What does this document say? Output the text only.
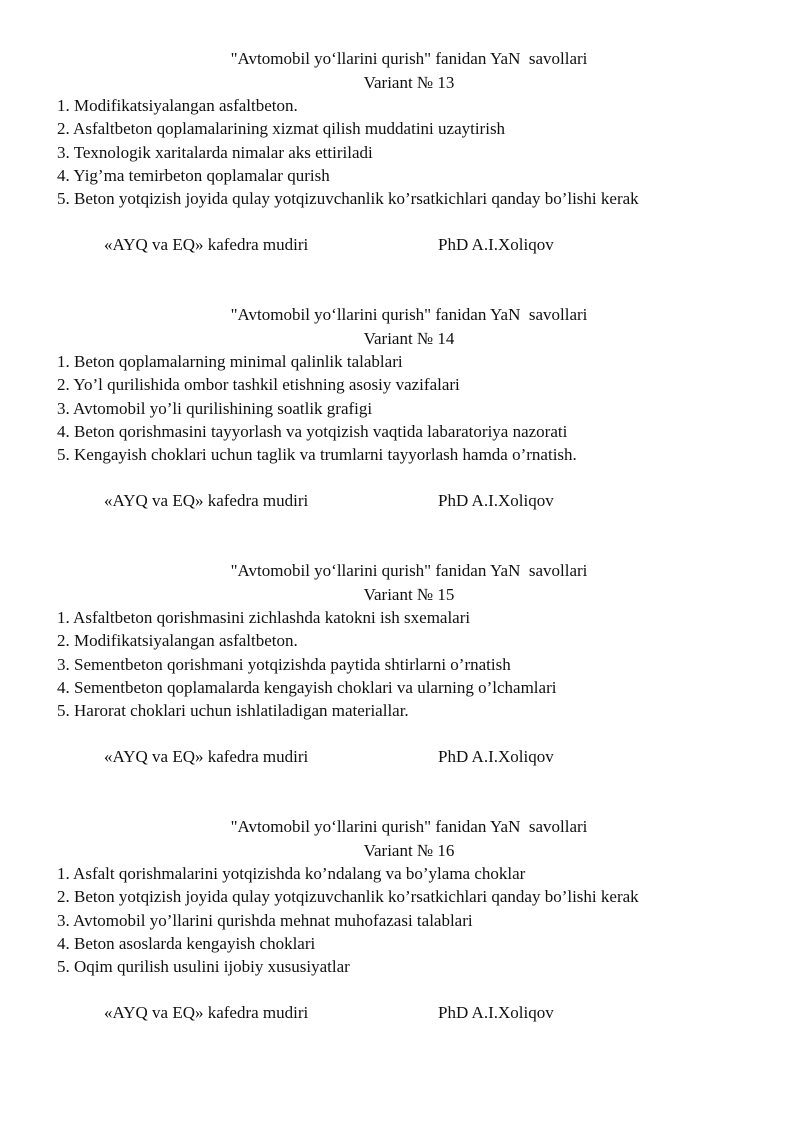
"Avtomobil yo‘llarini qurish" fanidan YaN  savollari
Variant № 13
1. Modifikatsiyalangan asfaltbeton.
2. Asfaltbeton qoplamalarining xizmat qilish muddatini uzaytirish
3. Texnologik xaritalarda nimalar aks ettiriladi
4. Yig’ma temirbeton qoplamalar qurish
5. Beton yotqizish joyida qulay yotqizuvchanlik ko’rsatkichlari qanday bo’lishi kerak
«AYQ va EQ» kafedra mudiri	PhD A.I.Xoliqov
"Avtomobil yo‘llarini qurish" fanidan YaN  savollari
Variant № 14
1. Beton qoplamalarning minimal qalinlik talablari
2. Yo’l qurilishida ombor tashkil etishning asosiy vazifalari
3. Avtomobil yo’li qurilishining soatlik grafigi
4. Beton qorishmasini tayyorlash va yotqizish vaqtida labaratoriya nazorati
5. Kengayish choklari uchun taglik va trumlarni tayyorlash hamda o’rnatish.
«AYQ va EQ» kafedra mudiri	PhD A.I.Xoliqov
"Avtomobil yo‘llarini qurish" fanidan YaN  savollari
Variant № 15
1. Asfaltbeton qorishmasini zichlashda katokni ish sxemalari
2. Modifikatsiyalangan asfaltbeton.
3. Sementbeton qorishmani yotqizishda paytida shtirlarni o’rnatish
4. Sementbeton qoplamalarda kengayish choklari va ularning o’lchamlari
5. Harorat choklari uchun ishlatiladigan materiallar.
«AYQ va EQ» kafedra mudiri	PhD A.I.Xoliqov
"Avtomobil yo‘llarini qurish" fanidan YaN  savollari
Variant № 16
1. Asfalt qorishmalarini yotqizishda ko’ndalang va bo’ylama choklar
2. Beton yotqizish joyida qulay yotqizuvchanlik ko’rsatkichlari qanday bo’lishi kerak
3. Avtomobil yo’llarini qurishda mehnat muhofazasi talablari
4. Beton asoslarda kengayish choklari
5. Oqim qurilish usulini ijobiy xususiyatlar
«AYQ va EQ» kafedra mudiri	PhD A.I.Xoliqov
